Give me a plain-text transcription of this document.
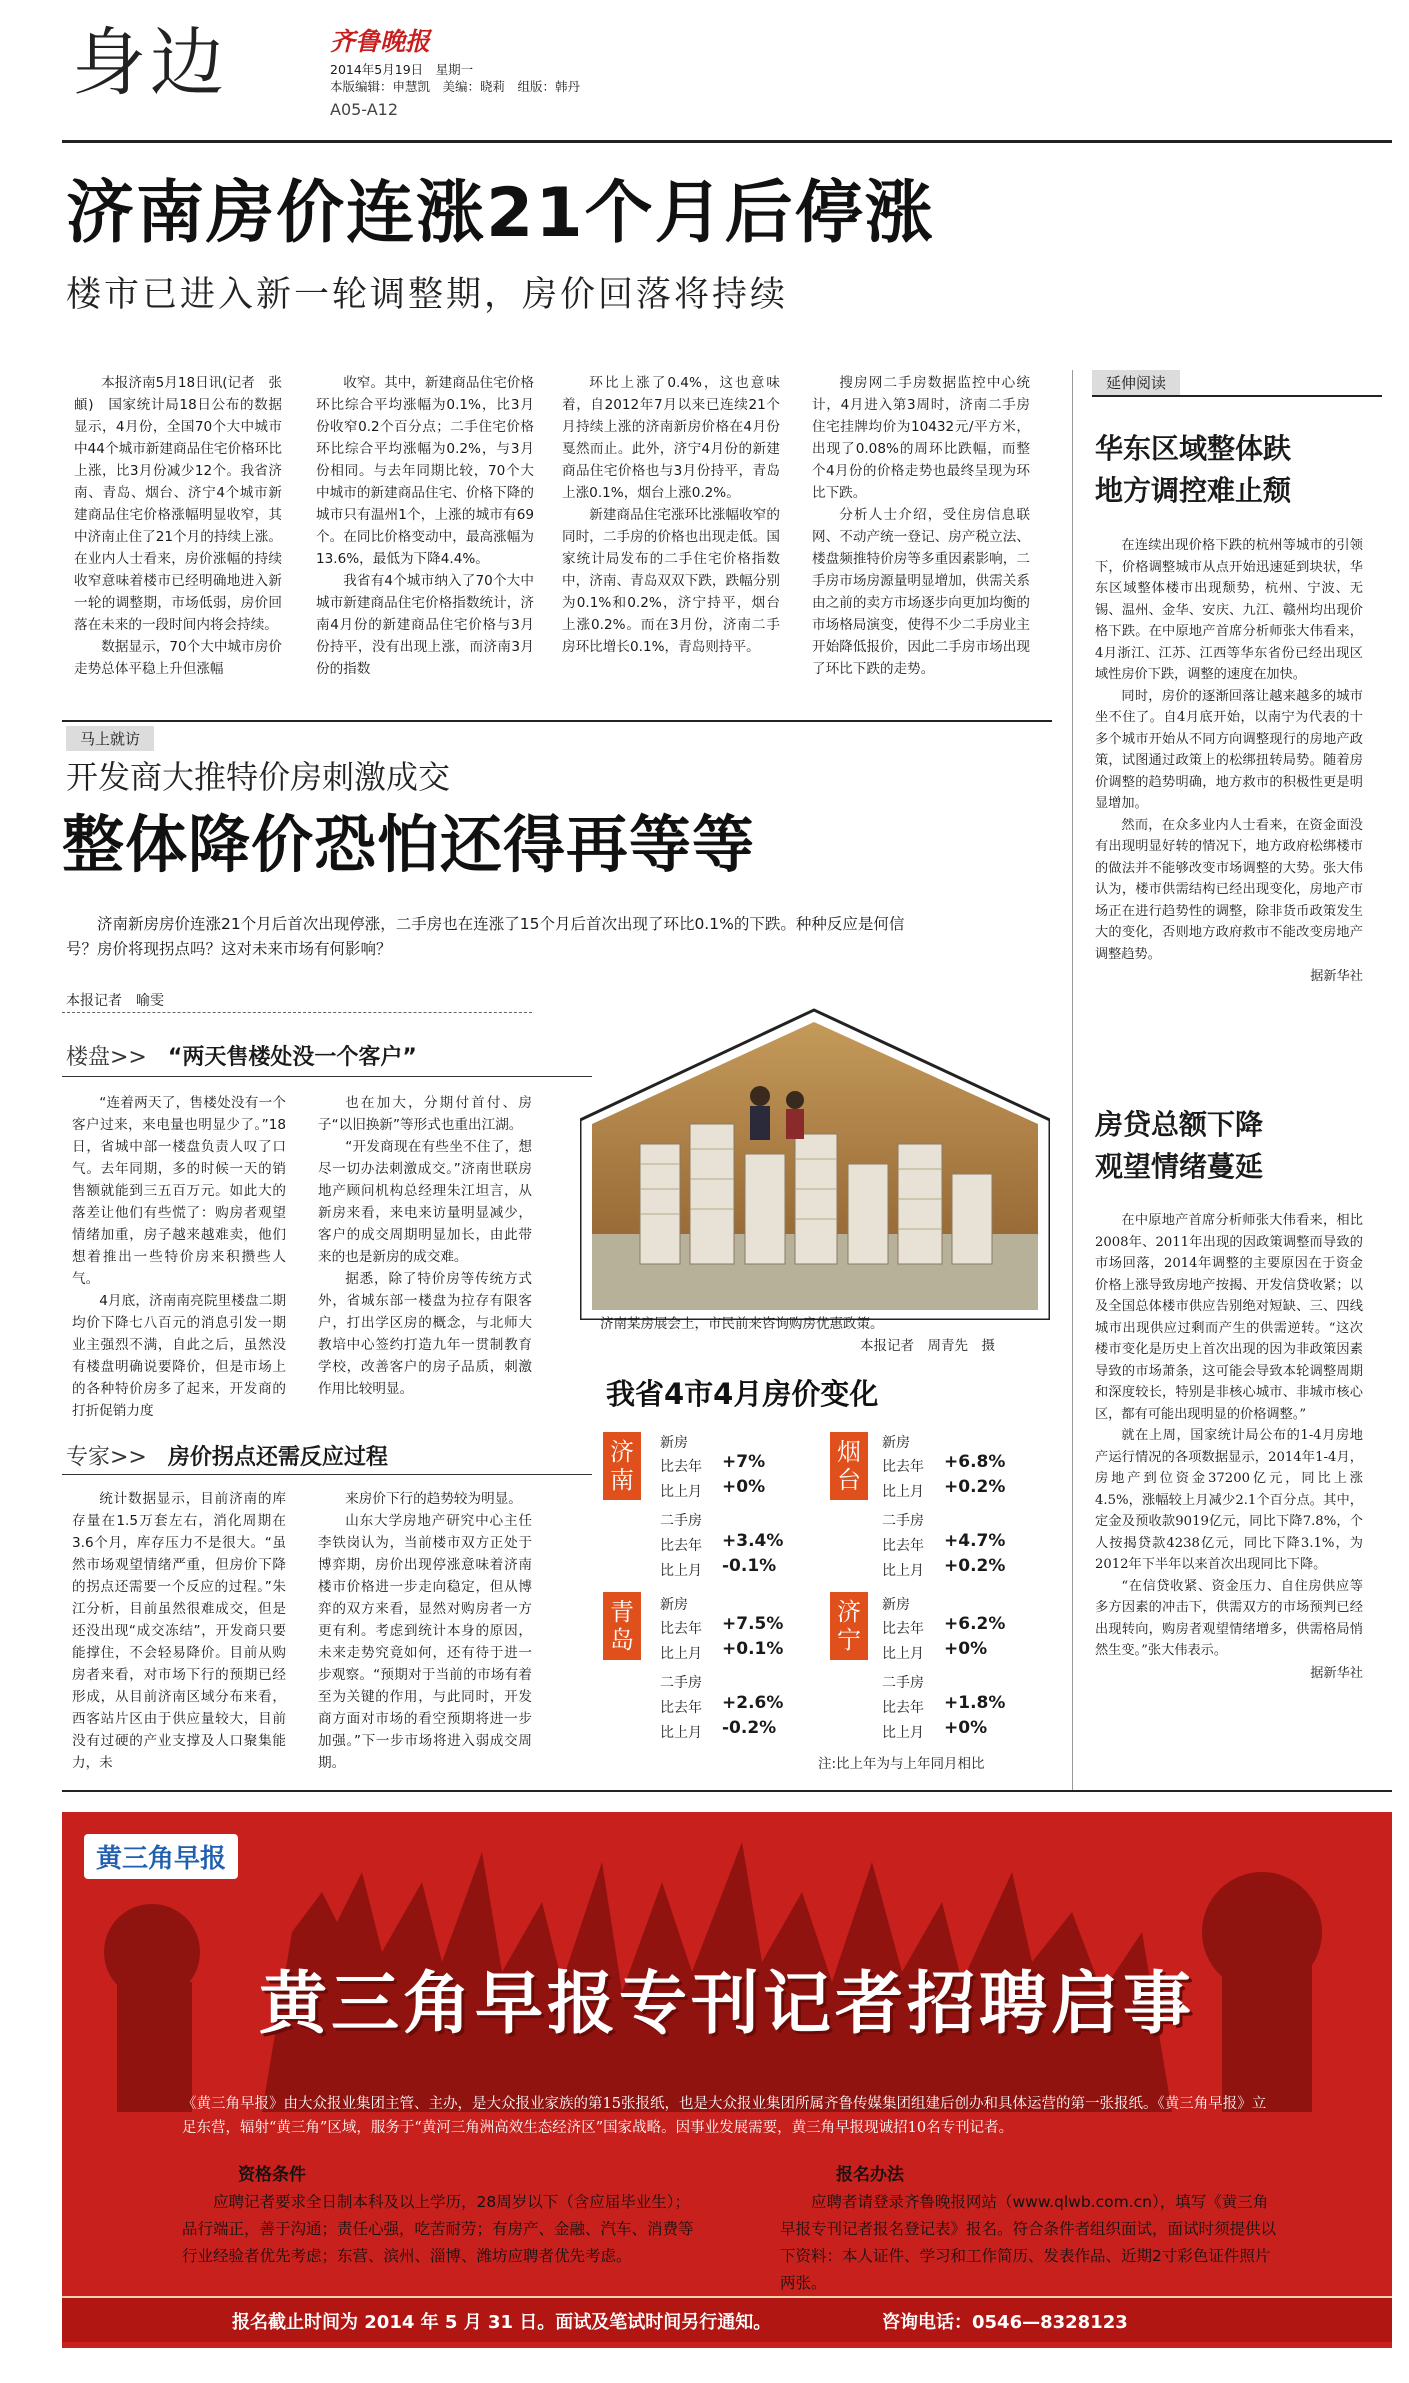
身边	齐鲁晚报
2014年5月19日　星期一
本版编辑：申慧凯　美编：晓莉　组版：韩丹
A05-A12
济南房价连涨21个月后停涨
楼市已进入新一轮调整期，房价回落将持续

本报济南5月18日讯(记者　张頔)　国家统计局18日公布的数据显示，4月份，全国70个大中城市中44个城市新建商品住宅价格环比上涨，比3月份减少12个。我省济南、青岛、烟台、济宁4个城市新建商品住宅价格涨幅明显收窄，其中济南止住了21个月的持续上涨。在业内人士看来，房价涨幅的持续收窄意味着楼市已经明确地进入新一轮的调整期，市场低弱，房价回落在未来的一段时间内将会持续。

数据显示，70个大中城市房价走势总体平稳上升但涨幅

收窄。其中，新建商品住宅价格环比综合平均涨幅为0.1%，比3月份收窄0.2个百分点；二手住宅价格环比综合平均涨幅为0.2%，与3月份相同。与去年同期比较，70个大中城市的新建商品住宅、价格下降的城市只有温州1个，上涨的城市有69个。在同比价格变动中，最高涨幅为13.6%，最低为下降4.4%。

我省有4个城市纳入了70个大中城市新建商品住宅价格指数统计，济南4月份的新建商品住宅价格与3月份持平，没有出现上涨，而济南3月份的指数

环比上涨了0.4%，这也意味着，自2012年7月以来已连续21个月持续上涨的济南新房价格在4月份戛然而止。此外，济宁4月份的新建商品住宅价格也与3月份持平，青岛上涨0.1%，烟台上涨0.2%。

新建商品住宅涨环比涨幅收窄的同时，二手房的价格也出现走低。国家统计局发布的二手住宅价格指数中，济南、青岛双双下跌，跌幅分别为0.1%和0.2%，济宁持平，烟台上涨0.2%。而在3月份，济南二手房环比增长0.1%，青岛则持平。

搜房网二手房数据监控中心统计，4月进入第3周时，济南二手房住宅挂牌均价为10432元/平方米，出现了0.08%的周环比跌幅，而整个4月份的价格走势也最终呈现为环比下跌。

分析人士介绍，受住房信息联网、不动产统一登记、房产税立法、楼盘频推特价房等多重因素影响，二手房市场房源量明显增加，供需关系由之前的卖方市场逐步向更加均衡的市场格局演变，使得不少二手房业主开始降低报价，因此二手房市场出现了环比下跌的走势。

延伸阅读
华东区域整体趺
地方调控难止颓

在连续出现价格下跌的杭州等城市的引领下，价格调整城市从点开始迅速延到块状，华东区域整体楼市出现颓势，杭州、宁波、无锡、温州、金华、安庆、九江、赣州均出现价格下跌。在中原地产首席分析师张大伟看来，4月浙江、江苏、江西等华东省份已经出现区域性房价下跌，调整的速度在加快。

同时，房价的逐渐回落让越来越多的城市坐不住了。自4月底开始，以南宁为代表的十多个城市开始从不同方向调整现行的房地产政策，试图通过政策上的松绑扭转局势。随着房价调整的趋势明确，地方救市的积极性更是明显增加。

然而，在众多业内人士看来，在资金面没有出现明显好转的情况下，地方政府松绑楼市的做法并不能够改变市场调整的大势。张大伟认为，楼市供需结构已经出现变化，房地产市场正在进行趋势性的调整，除非货币政策发生大的变化，否则地方政府救市不能改变房地产调整趋势。

据新华社
房贷总额下降
观望情绪蔓延

在中原地产首席分析师张大伟看来，相比2008年、2011年出现的因政策调整而导致的市场回落，2014年调整的主要原因在于资金价格上涨导致房地产按揭、开发信贷收紧；以及全国总体楼市供应告别绝对短缺、三、四线城市出现供应过剩而产生的供需逆转。“这次楼市变化是历史上首次出现的因为非政策因素导致的市场萧条，这可能会导致本轮调整周期和深度较长，特别是非核心城市、非城市核心区，都有可能出现明显的价格调整。”

就在上周，国家统计局公布的1-4月房地产运行情况的各项数据显示，2014年1-4月，房地产到位资金37200亿元，同比上涨4.5%，涨幅较上月减少2.1个百分点。其中，定金及预收款9019亿元，同比下降7.8%，个人按揭贷款4238亿元，同比下降3.1%，为2012年下半年以来首次出现同比下降。

“在信贷收紧、资金压力、自住房供应等多方因素的冲击下，供需双方的市场预判已经出现转向，购房者观望情绪增多，供需格局悄然生变。”张大伟表示。

据新华社
马上就访
开发商大推特价房刺激成交
整体降价恐怕还得再等等
济南新房房价连涨21个月后首次出现停涨，二手房也在连涨了15个月后首次出现了环比0.1%的下跌。种种反应是何信号？房价将现拐点吗？这对未来市场有何影响？
本报记者　喻雯
楼盘>> “两天售楼处没一个客户”

“连着两天了，售楼处没有一个客户过来，来电量也明显少了。”18日，省城中部一楼盘负责人叹了口气。去年同期，多的时候一天的销售额就能到三五百万元。如此大的落差让他们有些慌了：购房者观望情绪加重，房子越来越难卖，他们想着推出一些特价房来积攒些人气。

4月底，济南南亮院里楼盘二期均价下降七八百元的消息引发一期业主强烈不满，自此之后，虽然没有楼盘明确说要降价，但是市场上的各种特价房多了起来，开发商的打折促销力度

也在加大，分期付首付、房子“以旧换新”等形式也重出江湖。

“开发商现在有些坐不住了，想尽一切办法刺激成交。”济南世联房地产顾问机构总经理朱江坦言，从新房来看，来电来访量明显减少，客户的成交周期明显加长，由此带来的也是新房的成交难。

据悉，除了特价房等传统方式外，省城东部一楼盘为拉存有限客户，打出学区房的概念，与北师大教培中心签约打造九年一贯制教育学校，改善客户的房子品质，刺激作用比较明显。

专家>> 房价拐点还需反应过程

统计数据显示，目前济南的库存量在1.5万套左右，消化周期在3.6个月，库存压力不是很大。“虽然市场观望情绪严重，但房价下降的拐点还需要一个反应的过程。”朱江分析，目前虽然很难成交，但是还没出现“成交冻结”，开发商只要能撑住，不会轻易降价。目前从购房者来看，对市场下行的预期已经形成，从目前济南区域分布来看，西客站片区由于供应量较大，目前没有过硬的产业支撑及人口聚集能力，未

来房价下行的趋势较为明显。

山东大学房地产研究中心主任李铁岗认为，当前楼市双方正处于博弈期，房价出现停涨意味着济南楼市价格进一步走向稳定，但从博弈的双方来看，显然对购房者一方更有利。考虑到统计本身的原因，未来走势究竟如何，还有待于进一步观察。“预期对于当前的市场有着至为关键的作用，与此同时，开发商方面对市场的看空预期将进一步加强。”下一步市场将进入弱成交周期。

济南某房展会上，市民前来咨询购房优惠政策。
本报记者　周青先　摄
我省4市4月房价变化
济南
新房
比去年 +7%
比上月 +0%
二手房
比去年 +3.4%
比上月 -0.1%
烟台
新房
比去年 +6.8%
比上月 +0.2%
二手房
比去年 +4.7%
比上月 +0.2%
青岛
新房
比去年 +7.5%
比上月 +0.1%
二手房
比去年 +2.6%
比上月 -0.2%
济宁
新房
比去年 +6.2%
比上月 +0%
二手房
比去年 +1.8%
比上月 +0%
注:比上年为与上年同月相比
黄三角早报
黄三角早报专刊记者招聘启事
《黄三角早报》由大众报业集团主管、主办，是大众报业家族的第15张报纸，也是大众报业集团所属齐鲁传媒集团组建后创办和具体运营的第一张报纸。《黄三角早报》立足东营，辐射“黄三角”区域，服务于“黄河三角洲高效生态经济区”国家战略。因事业发展需要，黄三角早报现诚招10名专刊记者。
资格条件
应聘记者要求全日制本科及以上学历，28周岁以下（含应届毕业生）；品行端正，善于沟通；责任心强，吃苦耐劳；有房产、金融、汽车、消费等行业经验者优先考虑；东营、滨州、淄博、潍坊应聘者优先考虑。
报名办法
应聘者请登录齐鲁晚报网站（www.qlwb.com.cn），填写《黄三角早报专刊记者报名登记表》报名。符合条件者组织面试，面试时须提供以下资料：本人证件、学习和工作简历、发表作品、近期2寸彩色证件照片两张。
报名截止时间为 2014 年 5 月 31 日。面试及笔试时间另行通知。	咨询电话：0546—8328123
